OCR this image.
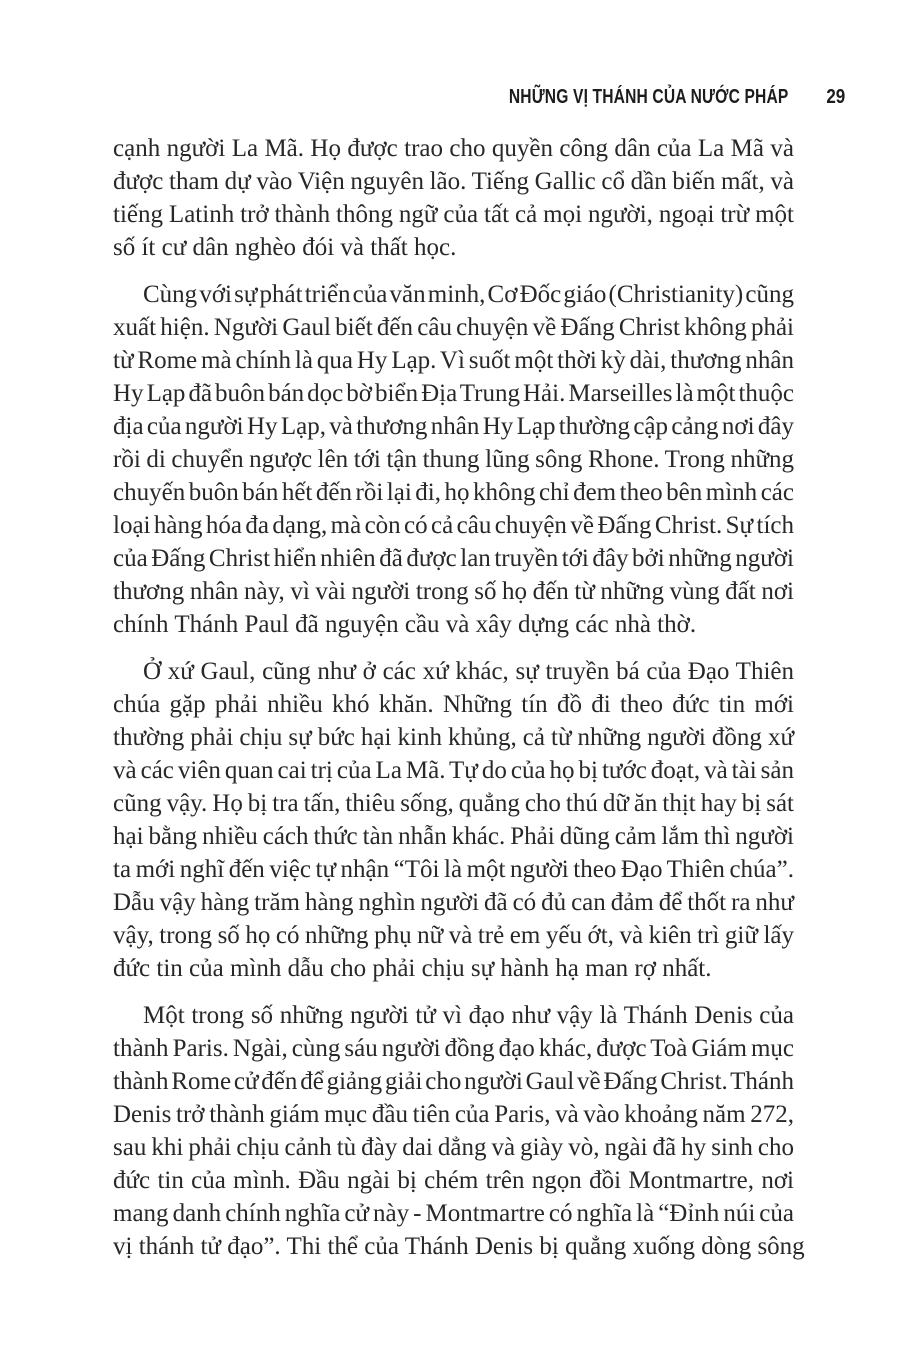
NHỮNG VỊ THÁNH CỦA NƯỚC PHÁP 29
cạnh người La Mã. Họ được trao cho quyền công dân của La Mã và
được tham dự vào Viện nguyên lão. Tiếng Gallic cổ dần biến mất, và
tiếng Latinh trở thành thông ngữ của tất cả mọi người, ngoại trừ một
số ít cư dân nghèo đói và thất học.
Cùng với sự phát triển của văn minh, Cơ Đốc giáo (Christianity) cũng
xuất hiện. Người Gaul biết đến câu chuyện về Đấng Christ không phải
từ Rome mà chính là qua Hy Lạp. Vì suốt một thời kỳ dài, thương nhân
Hy Lạp đã buôn bán dọc bờ biển Địa Trung Hải. Marseilles là một thuộc
địa của người Hy Lạp, và thương nhân Hy Lạp thường cập cảng nơi đây
rồi di chuyển ngược lên tới tận thung lũng sông Rhone. Trong những
chuyến buôn bán hết đến rồi lại đi, họ không chỉ đem theo bên mình các
loại hàng hóa đa dạng, mà còn có cả câu chuyện về Đấng Christ. Sự tích
của Đấng Christ hiển nhiên đã được lan truyền tới đây bởi những người
thương nhân này, vì vài người trong số họ đến từ những vùng đất nơi
chính Thánh Paul đã nguyện cầu và xây dựng các nhà thờ.
Ở xứ Gaul, cũng như ở các xứ khác, sự truyền bá của Đạo Thiên
chúa gặp phải nhiều khó khăn. Những tín đồ đi theo đức tin mới
thường phải chịu sự bức hại kinh khủng, cả từ những người đồng xứ
và các viên quan cai trị của La Mã. Tự do của họ bị tước đoạt, và tài sản
cũng vậy. Họ bị tra tấn, thiêu sống, quẳng cho thú dữ ăn thịt hay bị sát
hại bằng nhiều cách thức tàn nhẫn khác. Phải dũng cảm lắm thì người
ta mới nghĩ đến việc tự nhận “Tôi là một người theo Đạo Thiên chúa”.
Dẫu vậy hàng trăm hàng nghìn người đã có đủ can đảm để thốt ra như
vậy, trong số họ có những phụ nữ và trẻ em yếu ớt, và kiên trì giữ lấy
đức tin của mình dẫu cho phải chịu sự hành hạ man rợ nhất.
Một trong số những người tử vì đạo như vậy là Thánh Denis của
thành Paris. Ngài, cùng sáu người đồng đạo khác, được Toà Giám mục
thành Rome cử đến để giảng giải cho người Gaul về Đấng Christ. Thánh
Denis trở thành giám mục đầu tiên của Paris, và vào khoảng năm 272,
sau khi phải chịu cảnh tù đày dai dẳng và giày vò, ngài đã hy sinh cho
đức tin của mình. Đầu ngài bị chém trên ngọn đồi Montmartre, nơi
mang danh chính nghĩa cử này - Montmartre có nghĩa là “Đỉnh núi của
vị thánh tử đạo”. Thi thể của Thánh Denis bị quẳng xuống dòng sông
